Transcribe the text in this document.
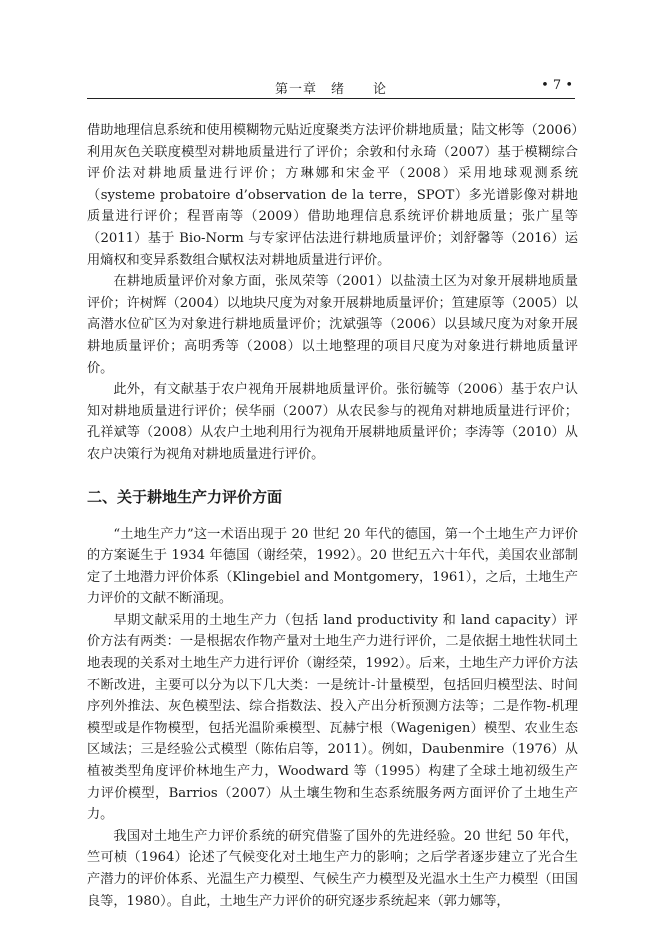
第一章　绪　　论	• 7 •

借助地理信息系统和使用模糊物元贴近度聚类方法评价耕地质量；陆文彬等（2006）利用灰色关联度模型对耕地质量进行了评价；余敦和付永琦（2007）基于模糊综合评价法对耕地质量进行评价；方琳娜和宋金平（2008）采用地球观测系统（systeme probatoire d’observation de la terre，SPOT）多光谱影像对耕地质量进行评价；程晋南等（2009）借助地理信息系统评价耕地质量；张广星等（2011）基于 Bio-Norm 与专家评估法进行耕地质量评价；刘舒馨等（2016）运用熵权和变异系数组合赋权法对耕地质量进行评价。

在耕地质量评价对象方面，张凤荣等（2001）以盐渍土区为对象开展耕地质量评价；许树辉（2004）以地块尺度为对象开展耕地质量评价；笪建原等（2005）以高潜水位矿区为对象进行耕地质量评价；沈斌强等（2006）以县域尺度为对象开展耕地质量评价；高明秀等（2008）以土地整理的项目尺度为对象进行耕地质量评价。

此外，有文献基于农户视角开展耕地质量评价。张衍毓等（2006）基于农户认知对耕地质量进行评价；侯华丽（2007）从农民参与的视角对耕地质量进行评价；孔祥斌等（2008）从农户土地利用行为视角开展耕地质量评价；李涛等（2010）从农户决策行为视角对耕地质量进行评价。

二、关于耕地生产力评价方面

“土地生产力”这一术语出现于 20 世纪 20 年代的德国，第一个土地生产力评价的方案诞生于 1934 年德国（谢经荣，1992）。20 世纪五六十年代，美国农业部制定了土地潜力评价体系（Klingebiel and Montgomery，1961），之后，土地生产力评价的文献不断涌现。

早期文献采用的土地生产力（包括 land productivity 和 land capacity）评价方法有两类：一是根据农作物产量对土地生产力进行评价，二是依据土地性状同土地表现的关系对土地生产力进行评价（谢经荣，1992）。后来，土地生产力评价方法不断改进，主要可以分为以下几大类：一是统计-计量模型，包括回归模型法、时间序列外推法、灰色模型法、综合指数法、投入产出分析预测方法等；二是作物-机理模型或是作物模型，包括光温阶乘模型、瓦赫宁根（Wagenigen）模型、农业生态区域法；三是经验公式模型（陈佑启等，2011）。例如，Daubenmire（1976）从植被类型角度评价林地生产力，Woodward 等（1995）构建了全球土地初级生产力评价模型，Barrios（2007）从土壤生物和生态系统服务两方面评价了土地生产力。

我国对土地生产力评价系统的研究借鉴了国外的先进经验。20 世纪 50 年代，竺可桢（1964）论述了气候变化对土地生产力的影响；之后学者逐步建立了光合生产潜力的评价体系、光温生产力模型、气候生产力模型及光温水土生产力模型（田国良等，1980）。自此，土地生产力评价的研究逐步系统起来（郭力娜等，
